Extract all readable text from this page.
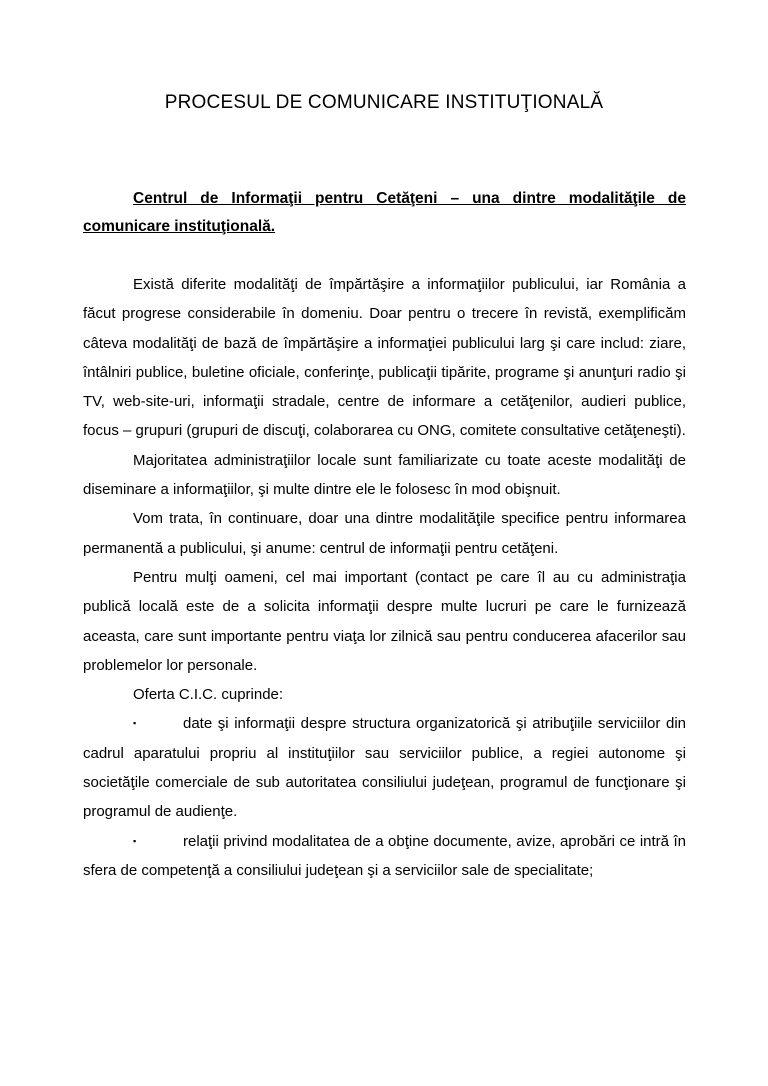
PROCESUL DE COMUNICARE INSTITUŢIONALĂ

Centrul de Informaţii pentru Cetăţeni – una dintre modalităţile de comunicare instituţională.

Există diferite modalităţi de împărtăşire a informaţiilor publicului, iar România a făcut progrese considerabile în domeniu. Doar pentru o trecere în revistă, exemplificăm câteva modalităţi de bază de împărtăşire a informaţiei publicului larg şi care includ: ziare, întâlniri publice, buletine oficiale, conferinţe, publicaţii tipărite, programe şi anunţuri radio şi TV, web-site-uri, informaţii stradale, centre de informare a cetăţenilor, audieri publice, focus – grupuri (grupuri de discuţi, colaborarea cu ONG, comitete consultative cetăţeneşti).

Majoritatea administraţiilor locale sunt familiarizate cu toate aceste modalităţi de diseminare a informaţiilor, şi multe dintre ele le folosesc în mod obişnuit.

Vom trata, în continuare, doar una dintre modalităţile specifice pentru informarea permanentă a publicului, şi anume: centrul de informaţii pentru cetăţeni.

Pentru mulţi oameni, cel mai important (contact pe care îl au cu administraţia publică locală este de a solicita informaţii despre multe lucruri pe care le furnizează aceasta, care sunt importante pentru viaţa lor zilnică sau pentru conducerea afacerilor sau problemelor lor personale.

Oferta C.I.C. cuprinde:

▪	date şi informaţii despre structura organizatorică şi atribuţiile serviciilor din cadrul aparatului propriu al instituţiilor sau serviciilor publice, a regiei autonome şi societăţile comerciale de sub autoritatea consiliului judeţean, programul de funcţionare şi programul de audienţe.

▪	relaţii privind modalitatea de a obţine documente, avize, aprobări ce intră în sfera de competenţă a consiliului judeţean şi a serviciilor sale de specialitate;
